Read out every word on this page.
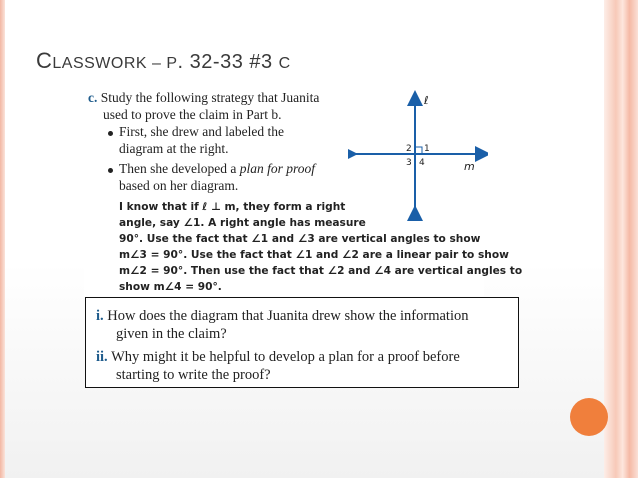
CLASSWORK – P. 32-33 #3 C
c. Study the following strategy that Juanita
used to prove the claim in Part b.
First, she drew and labeled the
diagram at the right.
Then she developed a plan for proof
based on her diagram.
I know that if ℓ ⊥ m, they form a right
angle, say ∠1. A right angle has measure
90°. Use the fact that ∠1 and ∠3 are vertical angles to show
m∠3 = 90°. Use the fact that ∠1 and ∠2 are a linear pair to show
m∠2 = 90°. Then use the fact that ∠2 and ∠4 are vertical angles to
show m∠4 = 90°.
ℓ
m
1
2
3 4
i. How does the diagram that Juanita drew show the information
given in the claim?
ii. Why might it be helpful to develop a plan for a proof before
starting to write the proof?
